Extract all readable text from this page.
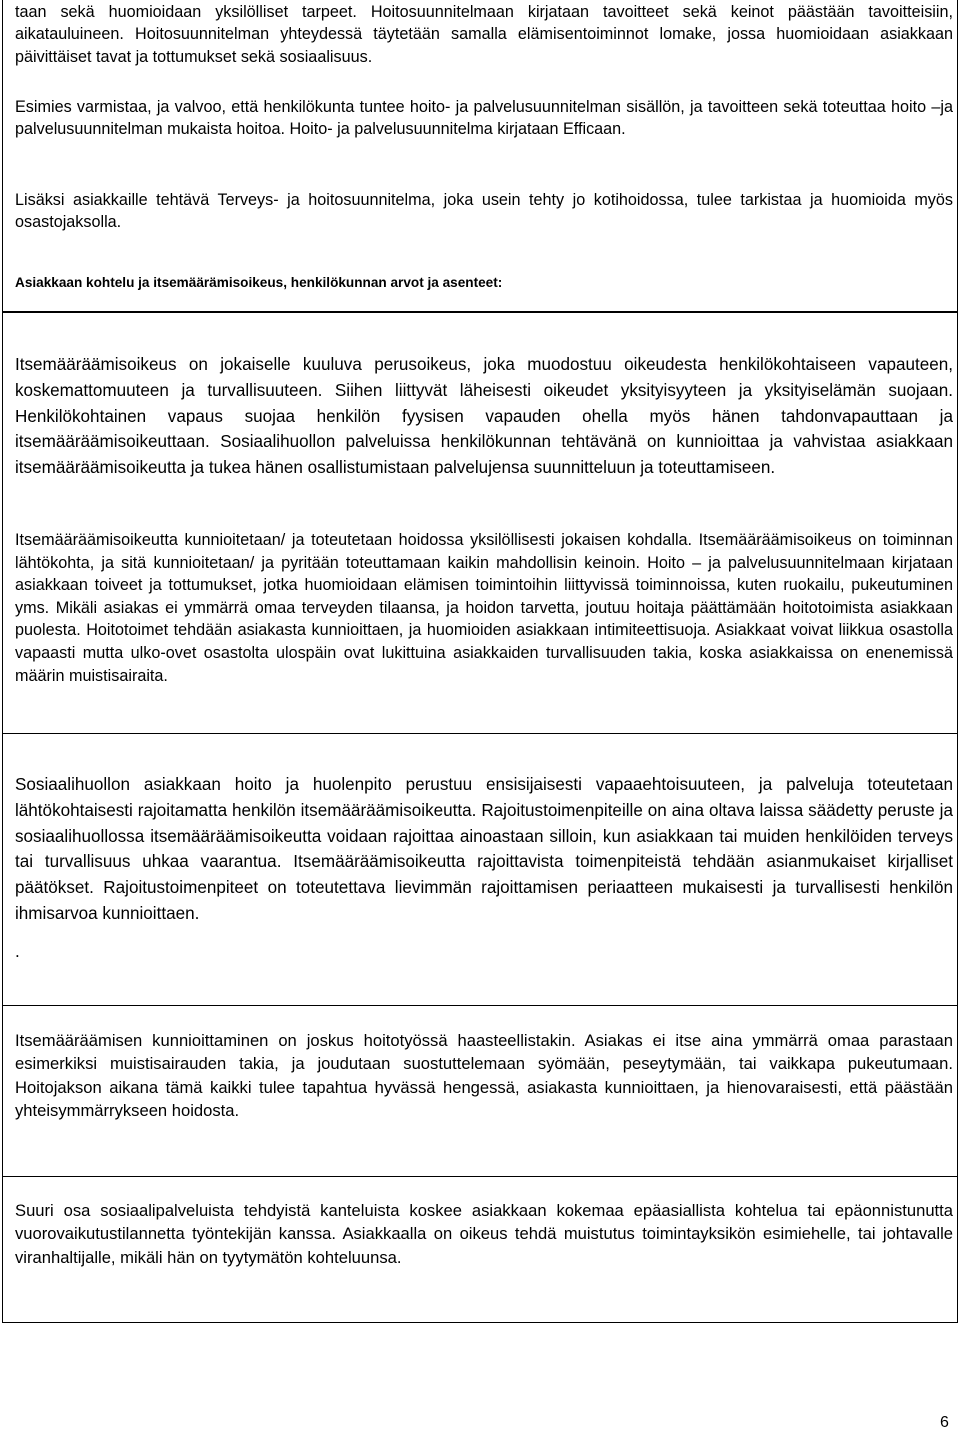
taan sekä huomioidaan yksilölliset tarpeet. Hoitosuunnitelmaan kirjataan tavoitteet sekä keinot päästään tavoitteisiin, aikatauluineen. Hoitosuunnitelman yhteydessä täytetään samalla elämisentoiminnot lomake, jossa huomioidaan asiakkaan päivittäiset tavat ja tottumukset sekä sosiaalisuus.

Esimies varmistaa, ja valvoo, että henkilökunta tuntee hoito- ja palvelusuunnitelman sisällön, ja tavoitteen sekä toteuttaa hoito –ja palvelusuunnitelman mukaista hoitoa. Hoito- ja palvelusuunnitelma kirjataan Efficaan.

Lisäksi asiakkaille tehtävä Terveys- ja hoitosuunnitelma, joka usein tehty jo kotihoidossa, tulee tarkistaa ja huomioida myös osastojaksolla.

Asiakkaan kohtelu ja itsemäärämisoikeus, henkilökunnan arvot ja asenteet:

Itsemääräämisoikeus on jokaiselle kuuluva perusoikeus, joka muodostuu oikeudesta henkilökohtaiseen vapauteen, koskemattomuuteen ja turvallisuuteen. Siihen liittyvät läheisesti oikeudet yksityisyyteen ja yksityiselämän suojaan. Henkilökohtainen vapaus suojaa henkilön fyysisen vapauden ohella myös hänen tahdonvapauttaan ja itsemääräämisoikeuttaan. Sosiaalihuollon palveluissa henkilökunnan tehtävänä on kunnioittaa ja vahvistaa asiakkaan itsemääräämisoikeutta ja tukea hänen osallistumistaan palvelujensa suunnitteluun ja toteuttamiseen.

Itsemääräämisoikeutta kunnioitetaan/ ja toteutetaan hoidossa yksilöllisesti jokaisen kohdalla. Itsemääräämisoikeus on toiminnan lähtökohta, ja sitä kunnioitetaan/ ja pyritään toteuttamaan kaikin mahdollisin keinoin. Hoito – ja palvelusuunnitelmaan kirjataan asiakkaan toiveet ja tottumukset, jotka huomioidaan elämisen toimintoihin liittyvissä toiminnoissa, kuten ruokailu, pukeutuminen yms. Mikäli asiakas ei ymmärrä omaa terveyden tilaansa, ja hoidon tarvetta, joutuu hoitaja päättämään hoitotoimista asiakkaan puolesta. Hoitotoimet tehdään asiakasta kunnioittaen, ja huomioiden asiakkaan intimiteettisuoja. Asiakkaat voivat liikkua osastolla vapaasti mutta ulko-ovet osastolta ulospäin ovat lukittuina asiakkaiden turvallisuuden takia, koska asiakkaissa on enenemissä määrin muistisairaita.

Sosiaalihuollon asiakkaan hoito ja huolenpito perustuu ensisijaisesti vapaaehtoisuuteen, ja palveluja toteutetaan lähtökohtaisesti rajoitamatta henkilön itsemääräämisoikeutta. Rajoitustoimenpiteille on aina oltava laissa säädetty peruste ja sosiaalihuollossa itsemääräämisoikeutta voidaan rajoittaa ainoastaan silloin, kun asiakkaan tai muiden henkilöiden terveys tai turvallisuus uhkaa vaarantua. Itsemääräämisoikeutta rajoittavista toimenpiteistä tehdään asianmukaiset kirjalliset päätökset. Rajoitustoimenpiteet on toteutettava lievimmän rajoittamisen periaatteen mukaisesti ja turvallisesti henkilön ihmisarvoa kunnioittaen.

.

Itsemääräämisen kunnioittaminen on joskus hoitotyössä haasteellistakin. Asiakas ei itse aina ymmärrä omaa parastaan esimerkiksi muistisairauden takia, ja joudutaan suostuttelemaan syömään, peseytymään, tai vaikkapa pukeutumaan. Hoitojakson aikana tämä kaikki tulee tapahtua hyvässä hengessä, asiakasta kunnioittaen, ja hienovaraisesti, että päästään yhteisymmärrykseen hoidosta.

Suuri osa sosiaalipalveluista tehdyistä kanteluista koskee asiakkaan kokemaa epäasiallista kohtelua tai epäonnistunutta vuorovaikutustilannetta työntekijän kanssa. Asiakkaalla on oikeus tehdä muistutus toimintayksikön esimiehelle, tai johtavalle viranhaltijalle, mikäli hän on tyytymätön kohteluunsa.

6
